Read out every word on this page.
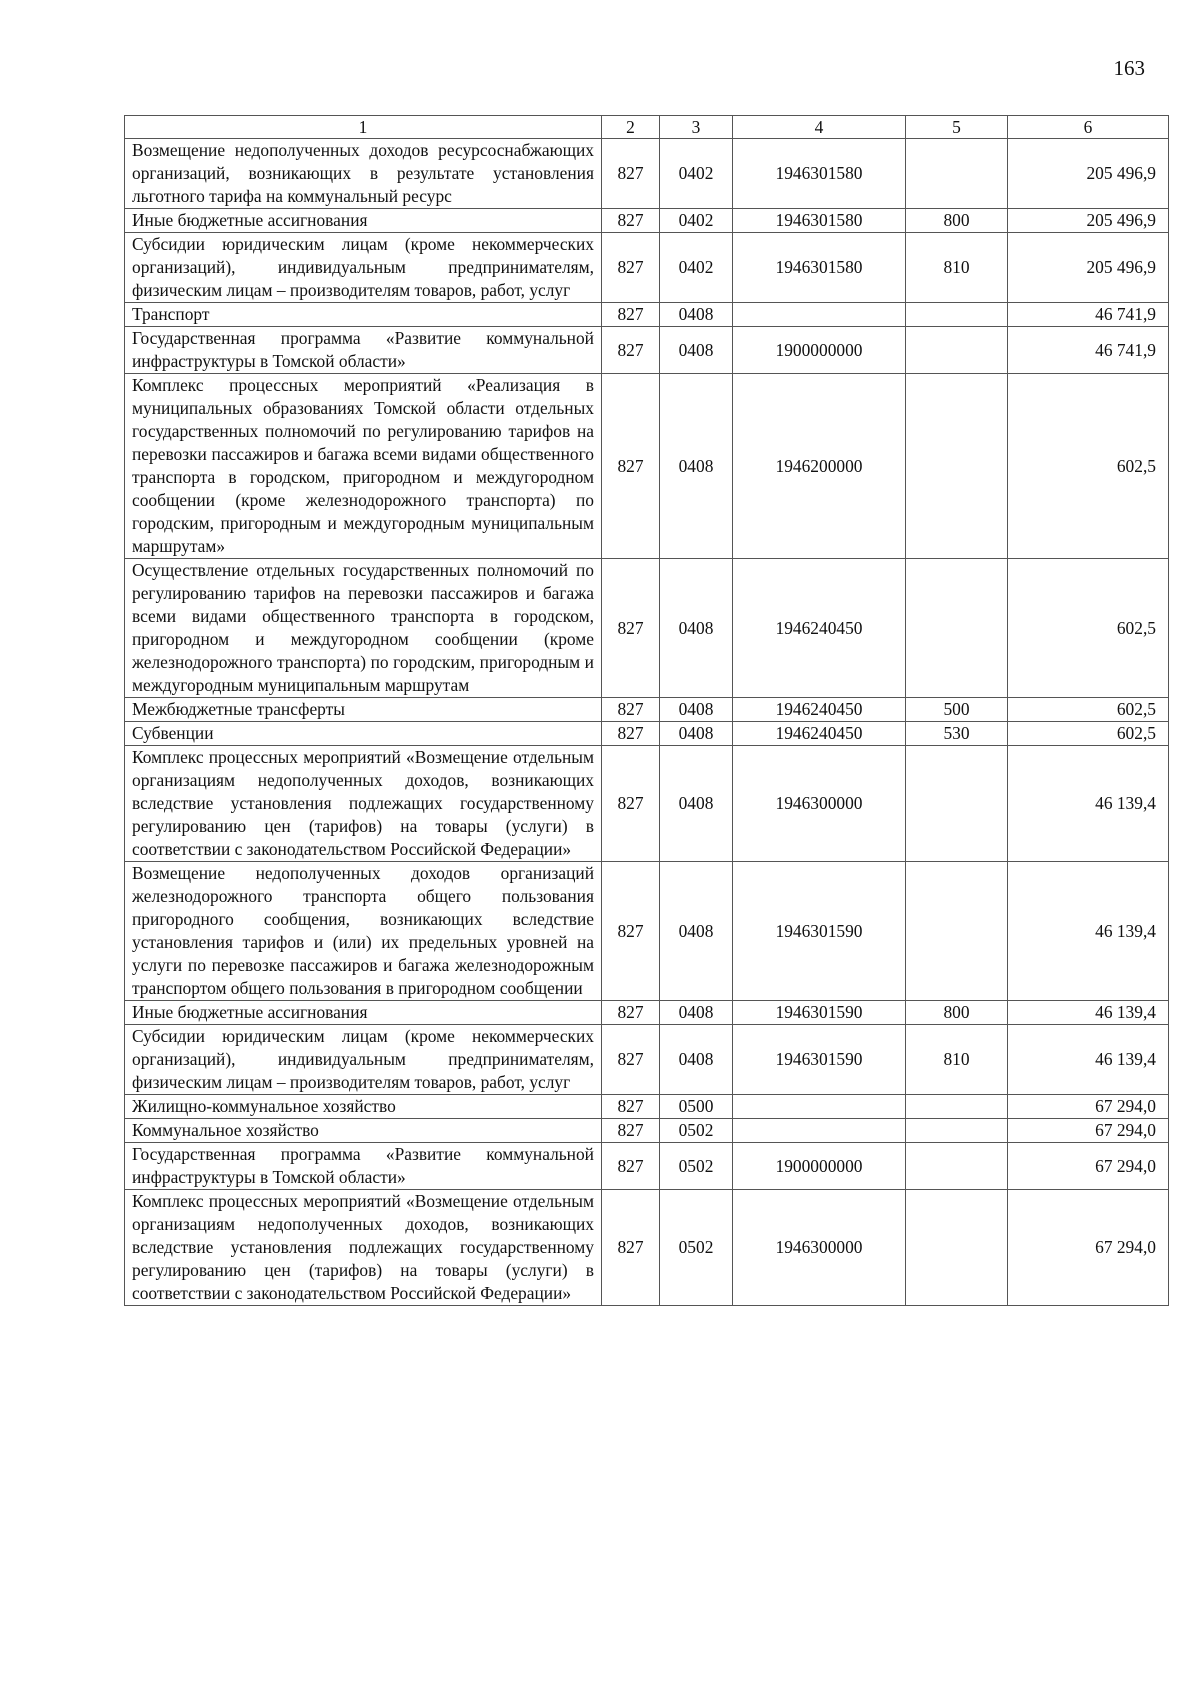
163
1	2	3	4	5	6
Возмещение недополученных доходов ресурсоснабжающих организаций, возникающих в результате установления льготного тарифа на коммунальный ресурс	827	0402	1946301580		205 496,9
Иные бюджетные ассигнования	827	0402	1946301580	800	205 496,9
Субсидии юридическим лицам (кроме некоммерческих организаций), индивидуальным предпринимателям, физическим лицам – производителям товаров, работ, услуг	827	0402	1946301580	810	205 496,9
Транспорт	827	0408			46 741,9
Государственная программа «Развитие коммунальной инфраструктуры в Томской области»	827	0408	1900000000		46 741,9
Комплекс процессных мероприятий «Реализация в муниципальных образованиях Томской области отдельных государственных полномочий по регулированию тарифов на перевозки пассажиров и багажа всеми видами общественного транспорта в городском, пригородном и междугородном сообщении (кроме железнодорожного транспорта) по городским, пригородным и междугородным муниципальным маршрутам»	827	0408	1946200000		602,5
Осуществление отдельных государственных полномочий по регулированию тарифов на перевозки пассажиров и багажа всеми видами общественного транспорта в городском, пригородном и междугородном сообщении (кроме железнодорожного транспорта) по городским, пригородным и междугородным муниципальным маршрутам	827	0408	1946240450		602,5
Межбюджетные трансферты	827	0408	1946240450	500	602,5
Субвенции	827	0408	1946240450	530	602,5
Комплекс процессных мероприятий «Возмещение отдельным организациям недополученных доходов, возникающих вследствие установления подлежащих государственному регулированию цен (тарифов) на товары (услуги) в соответствии с законодательством Российской Федерации»	827	0408	1946300000		46 139,4
Возмещение недополученных доходов организаций железнодорожного транспорта общего пользования пригородного сообщения, возникающих вследствие установления тарифов и (или) их предельных уровней на услуги по перевозке пассажиров и багажа железнодорожным транспортом общего пользования в пригородном сообщении	827	0408	1946301590		46 139,4
Иные бюджетные ассигнования	827	0408	1946301590	800	46 139,4
Субсидии юридическим лицам (кроме некоммерческих организаций), индивидуальным предпринимателям, физическим лицам – производителям товаров, работ, услуг	827	0408	1946301590	810	46 139,4
Жилищно-коммунальное хозяйство	827	0500			67 294,0
Коммунальное хозяйство	827	0502			67 294,0
Государственная программа «Развитие коммунальной инфраструктуры в Томской области»	827	0502	1900000000		67 294,0
Комплекс процессных мероприятий «Возмещение отдельным организациям недополученных доходов, возникающих вследствие установления подлежащих государственному регулированию цен (тарифов) на товары (услуги) в соответствии с законодательством Российской Федерации»	827	0502	1946300000		67 294,0
